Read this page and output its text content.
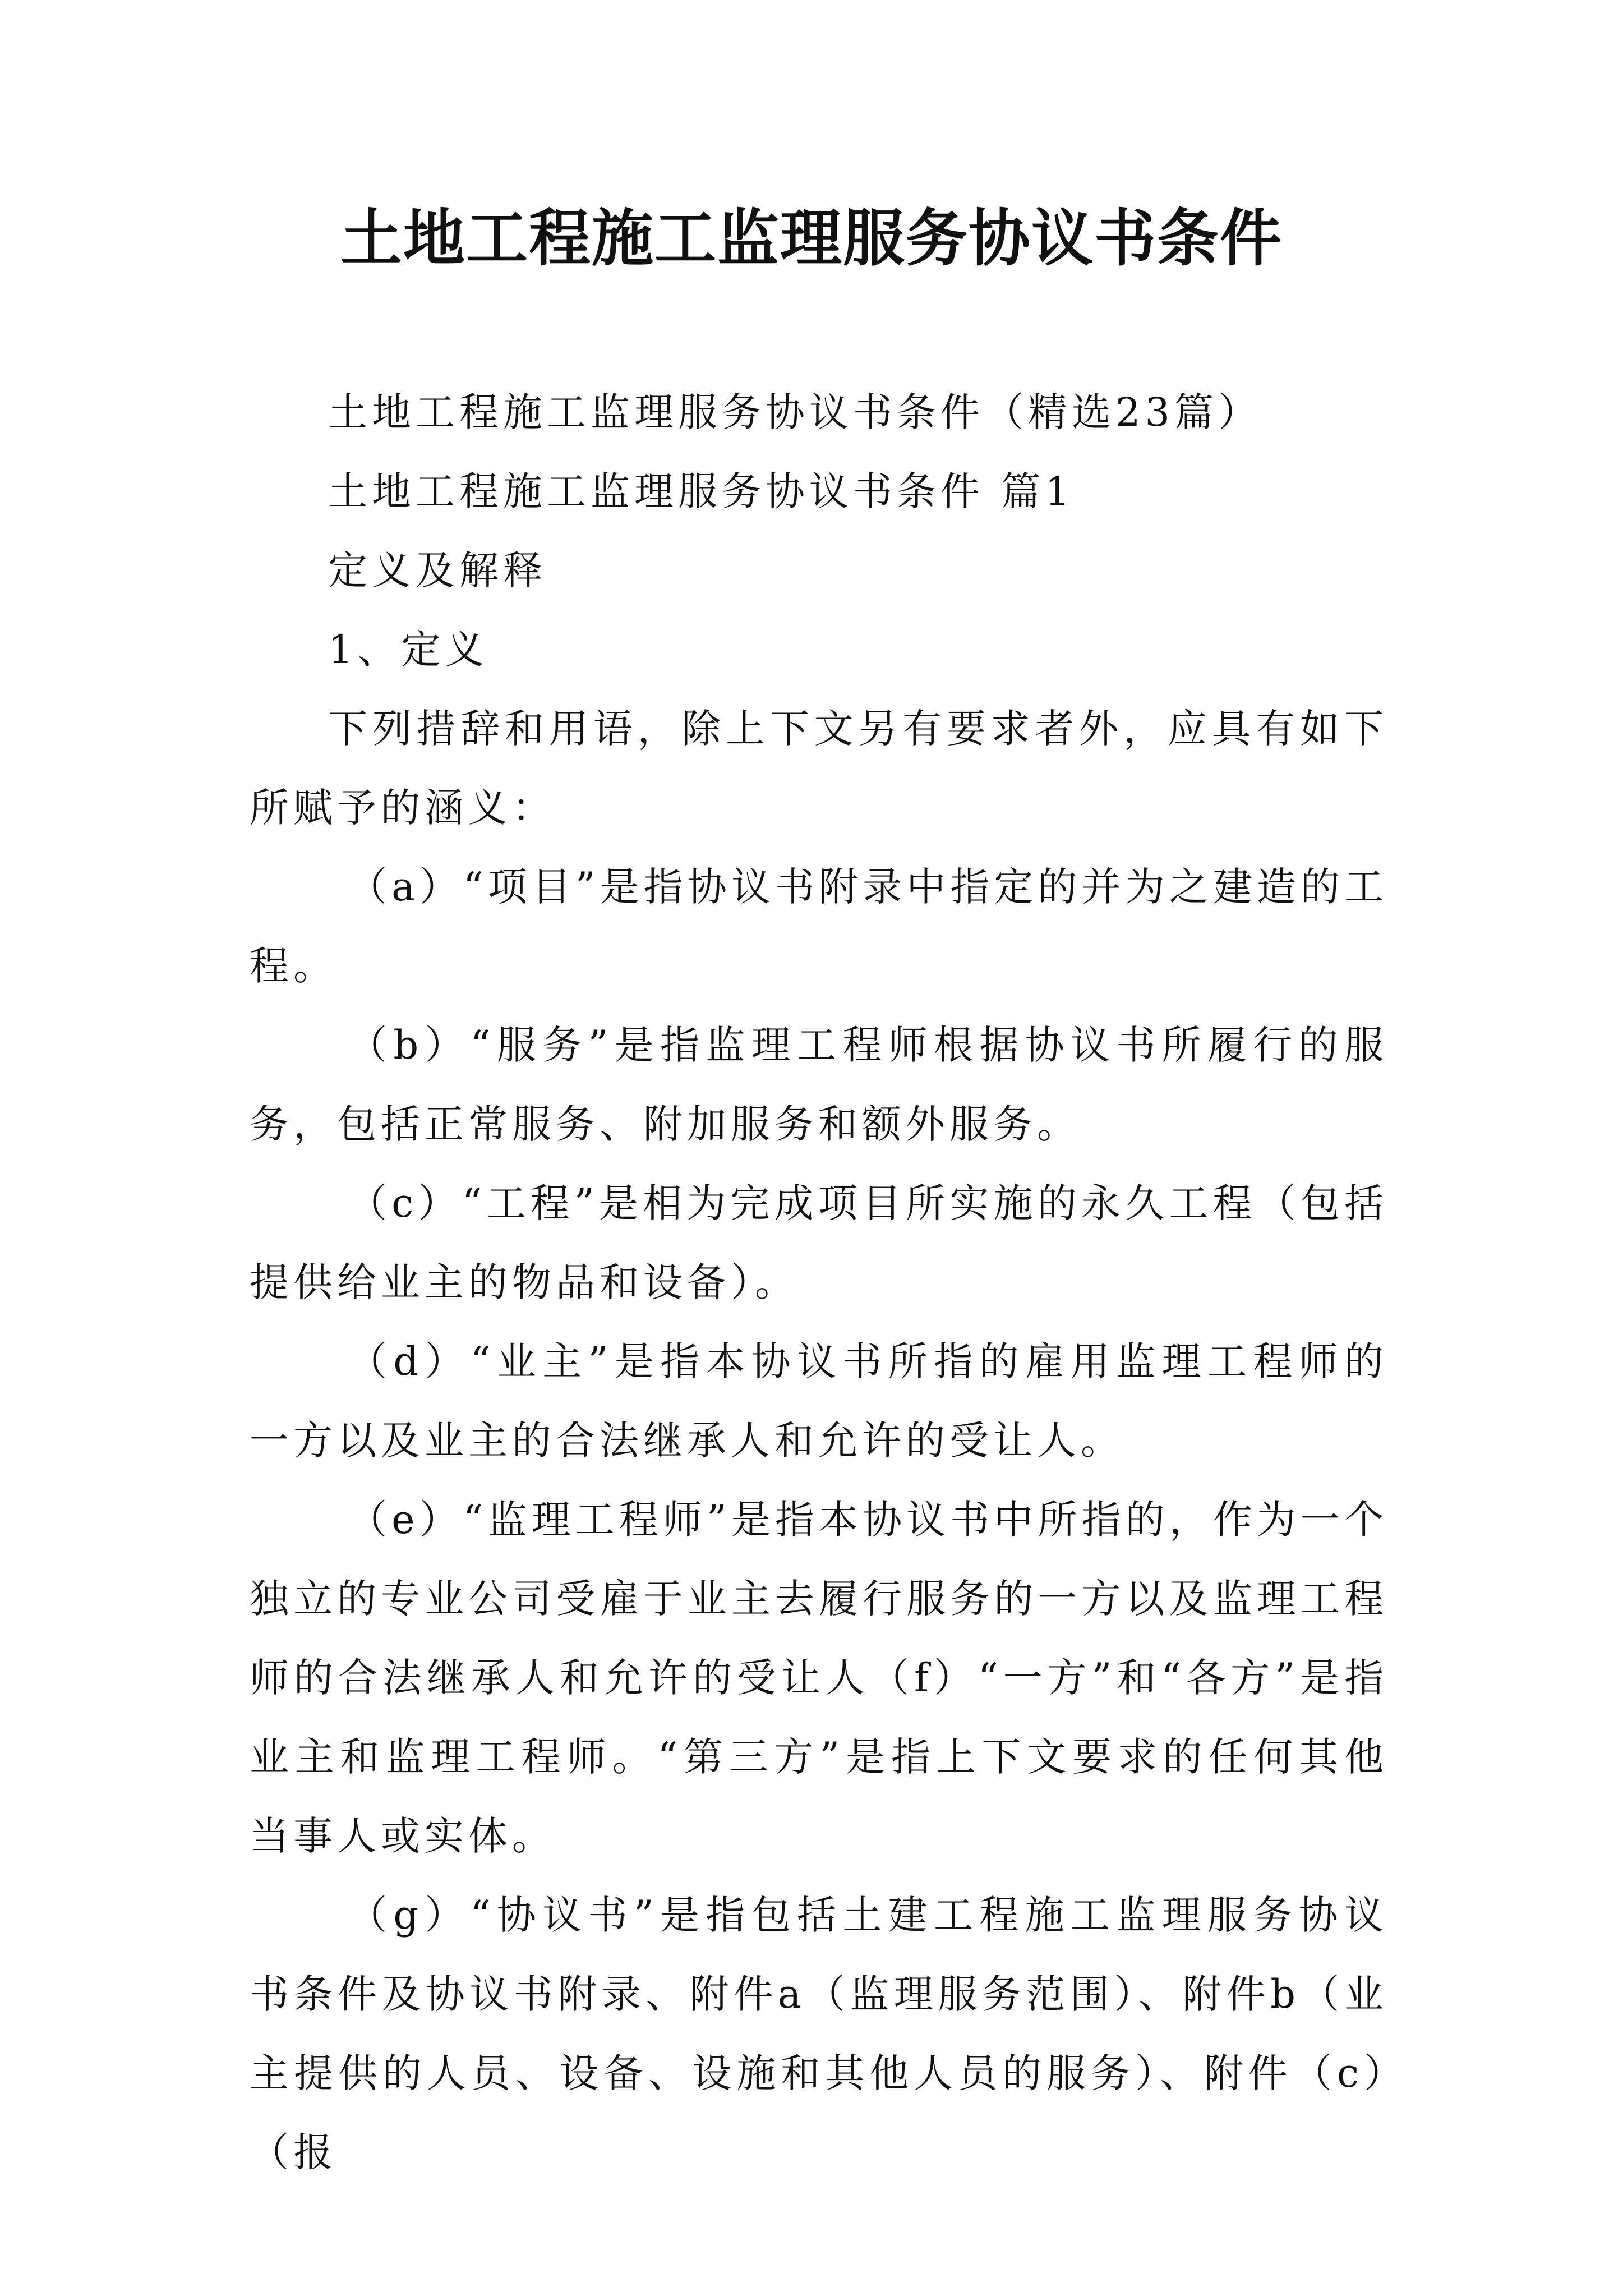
土地工程施工监理服务协议书条件

土地工程施工监理服务协议书条件（精选23篇）

土地工程施工监理服务协议书条件 篇1

定义及解释

1、定义

下列措辞和用语，除上下文另有要求者外，应具有如下所赋予的涵义：

（a）“项目”是指协议书附录中指定的并为之建造的工程。

（b）“服务”是指监理工程师根据协议书所履行的服务，包括正常服务、附加服务和额外服务。

（c）“工程”是相为完成项目所实施的永久工程（包括提供给业主的物品和设备）。

（d）“业主”是指本协议书所指的雇用监理工程师的一方以及业主的合法继承人和允许的受让人。

（e）“监理工程师”是指本协议书中所指的，作为一个独立的专业公司受雇于业主去履行服务的一方以及监理工程师的合法继承人和允许的受让人（f）“一方”和“各方”是指业主和监理工程师。“第三方”是指上下文要求的任何其他当事人或实体。

（g）“协议书”是指包括土建工程施工监理服务协议书条件及协议书附录、附件a（监理服务范围）、附件b（业主提供的人员、设备、设施和其他人员的服务）、附件（c）（报
